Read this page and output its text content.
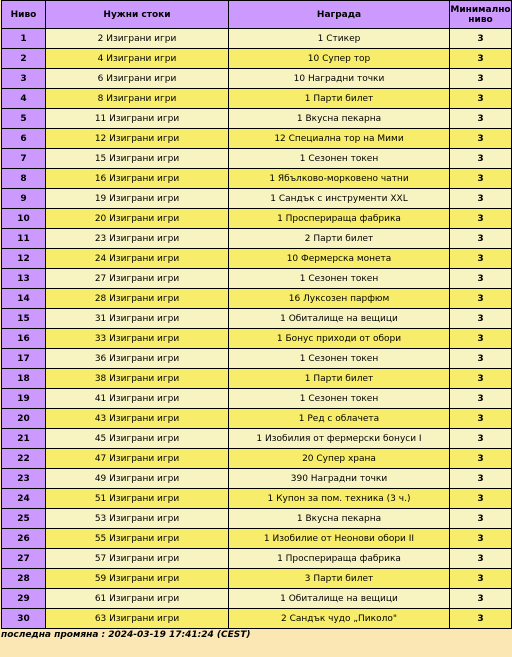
Ниво	Нужни стоки	Награда	Минимално
ниво
1	2 Изиграни игри	1 Стикер	3
2	4 Изиграни игри	10 Супер тор	3
3	6 Изиграни игри	10 Наградни точки	3
4	8 Изиграни игри	1 Парти билет	3
5	11 Изиграни игри	1 Вкусна пекарна	3
6	12 Изиграни игри	12 Специална тор на Мими	3
7	15 Изиграни игри	1 Сезонен токен	3
8	16 Изиграни игри	1 Ябълково-морковено чатни	3
9	19 Изиграни игри	1 Сандък с инструменти XXL	3
10	20 Изиграни игри	1 Просперираща фабрика	3
11	23 Изиграни игри	2 Парти билет	3
12	24 Изиграни игри	10 Фермерска монета	3
13	27 Изиграни игри	1 Сезонен токен	3
14	28 Изиграни игри	16 Луксозен парфюм	3
15	31 Изиграни игри	1 Обиталище на вещици	3
16	33 Изиграни игри	1 Бонус приходи от обори	3
17	36 Изиграни игри	1 Сезонен токен	3
18	38 Изиграни игри	1 Парти билет	3
19	41 Изиграни игри	1 Сезонен токен	3
20	43 Изиграни игри	1 Ред с облачета	3
21	45 Изиграни игри	1 Изобилия от фермерски бонуси I	3
22	47 Изиграни игри	20 Супер храна	3
23	49 Изиграни игри	390 Наградни точки	3
24	51 Изиграни игри	1 Купон за пом. техника (3 ч.)	3
25	53 Изиграни игри	1 Вкусна пекарна	3
26	55 Изиграни игри	1 Изобилие от Неонови обори II	3
27	57 Изиграни игри	1 Просперираща фабрика	3
28	59 Изиграни игри	3 Парти билет	3
29	61 Изиграни игри	1 Обиталище на вещици	3
30	63 Изиграни игри	2 Сандък чудо „Пиколо"	3
последна промяна : 2024-03-19 17:41:24 (CEST)
